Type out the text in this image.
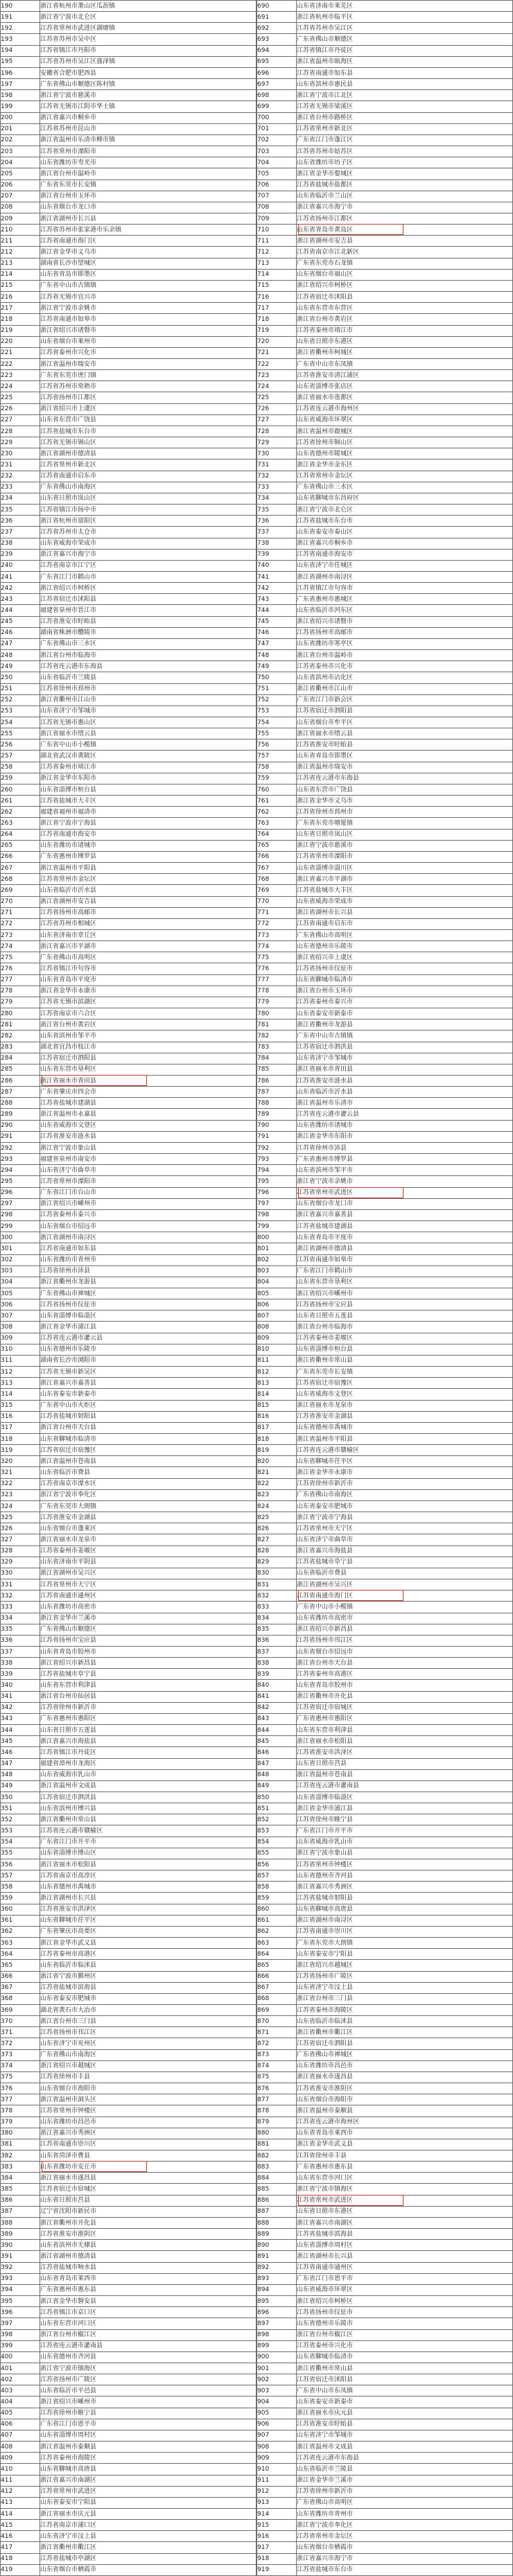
190	浙江省杭州市萧山区瓜沥镇
191	浙江省宁波市北仑区
192	江苏省常州市武进区湖塘镇
193	江苏省苏州市吴中区
194	江苏省镇江市丹阳市
195	江苏省苏州市吴江区盛泽镇
196	安徽省合肥市肥西县
197	广东省佛山市顺德区陈村镇
198	浙江省宁波市慈溪市
199	江苏省无锡市江阴市华士镇
200	浙江省嘉兴市桐乡市
201	江苏省苏州市昆山市
202	浙江省温州市乐清市柳市镇
203	江苏省常州市溧阳市
204	山东省潍坊市寿光市
205	浙江省台州市温岭市
206	广东省东莞市长安镇
207	浙江省台州市玉环市
208	山东省烟台市龙口市
209	浙江省湖州市长兴县
210	江苏省苏州市张家港市乐余镇
211	江苏省南通市海门区
212	浙江省金华市义乌市
213	湖南省长沙市望城区
214	山东省青岛市即墨区
215	广东省中山市古镇镇
216	江苏省无锡市宜兴市
217	浙江省宁波市余姚市
218	江苏省南通市如皋市
219	浙江省绍兴市诸暨市
220	山东省烟台市莱州市
221	江苏省泰州市兴化市
222	浙江省温州市瑞安市
223	广东省东莞市虎门镇
224	江苏省苏州市常熟市
225	江苏省扬州市江都区
226	浙江省绍兴市上虞区
227	山东省东营市广饶县
228	江苏省盐城市东台市
229	江苏省无锡市锡山区
230	浙江省湖州市德清县
231	江苏省常州市新北区
232	江苏省南通市启东市
233	广东省佛山市南海区
234	山东省日照市岚山区
235	江苏省镇江市扬中市
236	浙江省杭州市富阳区
237	江苏省苏州市太仓市
238	山东省威海市荣成市
239	浙江省嘉兴市海宁市
240	江苏省南京市江宁区
241	广东省江门市鹤山市
242	浙江省绍兴市柯桥区
243	江苏省宿迁市沭阳县
244	福建省泉州市晋江市
245	江苏省淮安市盱眙县
246	湖南省株洲市醴陵市
247	广东省佛山市三水区
248	浙江省台州市临海市
249	江苏省连云港市东海县
250	山东省临沂市兰陵县
251	江苏省徐州市邳州市
252	浙江省衢州市江山市
253	山东省济宁市邹城市
254	江苏省无锡市惠山区
255	浙江省丽水市缙云县
256	广东省中山市小榄镇
257	湖北省武汉市黄陂区
258	江苏省泰州市靖江市
259	浙江省金华市东阳市
260	山东省淄博市桓台县
261	江苏省盐城市大丰区
262	福建省福州市福清市
263	浙江省宁波市宁海县
264	江苏省南通市海安市
265	山东省潍坊市诸城市
266	广东省惠州市博罗县
267	浙江省温州市平阳县
268	江苏省常州市金坛区
269	山东省临沂市沂水县
270	浙江省湖州市安吉县
271	江苏省扬州市高邮市
272	江苏省苏州市相城区
273	山东省济南市章丘区
274	浙江省嘉兴市平湖市
275	广东省佛山市高明区
276	江苏省镇江市句容市
277	山东省青岛市平度市
278	浙江省金华市永康市
279	江苏省无锡市滨湖区
280	江苏省南京市六合区
281	浙江省台州市黄岩区
282	山东省滨州市邹平市
283	湖北省宜昌市枝江市
284	江苏省宿迁市泗阳县
285	山东省东营市垦利区
286	浙江省丽水市青田县
287	广东省肇庆市四会市
288	江苏省盐城市建湖县
289	浙江省温州市永嘉县
290	山东省威海市文登区
291	江苏省淮安市涟水县
292	浙江省宁波市象山县
293	福建省泉州市南安市
294	山东省济宁市曲阜市
295	江苏省常州市溧阳市
296	广东省江门市台山市
297	浙江省绍兴市嵊州市
298	江苏省泰州市泰兴市
299	山东省烟台市招远市
300	浙江省湖州市南浔区
301	江苏省南通市如东县
302	山东省潍坊市青州市
303	江苏省徐州市沛县
304	浙江省衢州市龙游县
305	广东省佛山市禅城区
306	江苏省扬州市仪征市
307	山东省淄博市临淄区
308	浙江省金华市浦江县
309	江苏省连云港市灌云县
310	山东省德州市乐陵市
311	湖南省长沙市浏阳市
312	江苏省无锡市新吴区
313	浙江省嘉兴市嘉善县
314	山东省泰安市新泰市
315	广东省中山市火炬区
316	江苏省盐城市射阳县
317	浙江省台州市天台县
318	山东省聊城市临清市
319	江苏省宿迁市宿豫区
320	浙江省温州市苍南县
321	山东省临沂市费县
322	江苏省南京市溧水区
323	浙江省宁波市奉化区
324	广东省东莞市大朗镇
325	江苏省淮安市金湖县
326	山东省烟台市蓬莱区
327	浙江省丽水市龙泉市
328	江苏省泰州市姜堰区
329	山东省济南市平阴县
330	浙江省湖州市吴兴区
331	江苏省常州市天宁区
332	江苏省南通市通州区
333	山东省潍坊市高密市
334	浙江省金华市兰溪市
335	广东省佛山市顺德区
336	江苏省扬州市宝应县
337	山东省青岛市胶州市
338	浙江省绍兴市新昌县
339	江苏省盐城市阜宁县
340	山东省东营市利津县
341	浙江省台州市仙居县
342	江苏省徐州市新沂市
343	广东省惠州市惠阳区
344	山东省日照市五莲县
345	浙江省嘉兴市海盐县
346	江苏省镇江市丹徒区
347	福建省漳州市龙海区
348	山东省威海市乳山市
349	浙江省温州市文成县
350	江苏省宿迁市泗洪县
351	山东省滨州市博兴县
352	浙江省衢州市常山县
353	江苏省连云港市赣榆区
354	广东省江门市开平市
355	山东省淄博市博山区
356	浙江省丽水市松阳县
357	江苏省南京市高淳区
358	山东省德州市禹城市
359	浙江省湖州市长兴县
360	江苏省淮安市洪泽区
361	山东省聊城市茌平区
362	广东省肇庆市高要区
363	浙江省金华市武义县
364	江苏省泰州市高港区
365	山东省临沂市临沭县
366	浙江省宁波市鄞州区
367	江苏省盐城市滨海县
368	山东省泰安市肥城市
369	湖北省黄石市大冶市
370	浙江省台州市三门县
371	江苏省扬州市邗江区
372	山东省济宁市兖州区
373	广东省佛山市南海区
374	浙江省绍兴市越城区
375	江苏省徐州市丰县
376	山东省烟台市海阳市
377	浙江省温州市洞头区
378	江苏省常州市钟楼区
379	山东省潍坊市昌邑市
380	浙江省嘉兴市秀洲区
381	江苏省南通市崇川区
382	山东省菏泽市曹县
383	山东省潍坊市安丘市
384	浙江省丽水市遂昌县
385	江苏省宿迁市宿城区
386	山东省日照市莒县
387	辽宁省沈阳市新民市
388	浙江省衢州市开化县
389	江苏省淮安市淮阴区
390	山东省滨州市无棣县
391	浙江省湖州市德清县
392	江苏省盐城市响水县
393	山东省青岛市莱西市
394	广东省惠州市惠东县
395	浙江省金华市磐安县
396	江苏省镇江市京口区
397	山东省东营市河口区
398	浙江省台州市椒江区
399	江苏省连云港市灌南县
400	山东省德州市齐河县
401	浙江省宁波市镇海区
402	江苏省扬州市广陵区
403	山东省临沂市平邑县
404	浙江省绍兴市嵊州市
405	江苏省徐州市睢宁县
406	广东省江门市恩平市
407	山东省淄博市周村区
408	浙江省温州市泰顺县
409	江苏省泰州市海陵区
410	山东省聊城市高唐县
411	浙江省嘉兴市南湖区
412	江苏省常州市武进区
413	山东省泰安市宁阳县
414	浙江省丽水市庆元县
415	江苏省南京市浦口区
416	山东省济宁市汶上县
417	浙江省衢州市衢江区
418	江苏省盐城市亭湖区
419	山东省烟台市栖霞市
690	山东省济南市莱芜区
691	浙江省杭州市临平区
692	江苏省苏州市吴江区
693	广东省佛山市顺德区
694	江苏省镇江市丹徒区
695	浙江省温州市瓯海区
696	江苏省南通市如东县
697	山东省滨州市惠民县
698	浙江省宁波市江北区
699	江苏省无锡市梁溪区
700	浙江省台州市路桥区
701	江苏省常州市新北区
702	广东省江门市蓬江区
703	江苏省苏州市姑苏区
704	山东省潍坊市坊子区
705	浙江省金华市婺城区
706	江苏省盐城市盐都区
707	山东省临沂市兰山区
708	浙江省嘉兴市海宁市
709	江苏省扬州市江都区
710	山东省青岛市黄岛区
711	浙江省湖州市安吉县
712	江苏省南京市江北新区
713	广东省东莞市石龙镇
714	山东省烟台市福山区
715	浙江省绍兴市柯桥区
716	江苏省宿迁市沭阳县
717	山东省东营市东营区
718	浙江省台州市黄岩区
719	江苏省泰州市靖江市
720	山东省日照市东港区
721	浙江省衢州市柯城区
722	广东省中山市东凤镇
723	江苏省淮安市清江浦区
724	山东省淄博市张店区
725	浙江省丽水市莲都区
726	江苏省连云港市海州区
727	山东省威海市环翠区
728	浙江省温州市鹿城区
729	江苏省徐州市铜山区
730	山东省德州市陵城区
731	浙江省金华市金东区
732	江苏省常州市金坛区
733	广东省佛山市三水区
734	山东省聊城市东昌府区
735	浙江省宁波市北仑区
736	江苏省盐城市东台市
737	山东省泰安市泰山区
738	浙江省嘉兴市桐乡市
739	江苏省南通市海安市
740	山东省济宁市任城区
741	浙江省湖州市南浔区
742	江苏省镇江市句容市
743	广东省惠州市惠城区
744	山东省临沂市河东区
745	浙江省绍兴市诸暨市
746	江苏省扬州市高邮市
747	山东省潍坊市寒亭区
748	浙江省台州市温岭市
749	江苏省泰州市兴化市
750	山东省滨州市沾化区
751	浙江省衢州市江山市
752	广东省江门市新会区
753	江苏省宿迁市泗阳县
754	山东省烟台市牟平区
755	浙江省丽水市缙云县
756	江苏省淮安市盱眙县
757	山东省青岛市即墨区
758	浙江省温州市瑞安市
759	江苏省连云港市东海县
760	山东省东营市广饶县
761	浙江省金华市义乌市
762	江苏省徐州市邳州市
763	广东省东莞市塘厦镇
764	山东省日照市岚山区
765	浙江省宁波市慈溪市
766	江苏省常州市溧阳市
767	山东省淄博市淄川区
768	浙江省嘉兴市平湖市
769	江苏省盐城市大丰区
770	山东省威海市荣成市
771	浙江省湖州市长兴县
772	江苏省南通市启东市
773	广东省佛山市高明区
774	山东省德州市乐陵市
775	浙江省绍兴市上虞区
776	江苏省扬州市仪征市
777	山东省聊城市临清市
778	浙江省台州市玉环市
779	江苏省泰州市泰兴市
780	山东省泰安市新泰市
781	浙江省衢州市龙游县
782	广东省中山市古镇镇
783	江苏省宿迁市泗洪县
784	山东省济宁市邹城市
785	浙江省丽水市青田县
786	江苏省淮安市涟水县
787	山东省临沂市沂水县
788	浙江省温州市乐清市
789	江苏省连云港市灌云县
790	山东省潍坊市诸城市
791	浙江省金华市东阳市
792	江苏省徐州市沛县
793	广东省惠州市博罗县
794	山东省滨州市邹平市
795	浙江省宁波市余姚市
796	江苏省常州市武进区
797	山东省烟台市龙口市
798	浙江省嘉兴市嘉善县
799	江苏省盐城市建湖县
800	山东省青岛市平度市
801	浙江省湖州市德清县
802	江苏省南通市如皋市
803	广东省江门市鹤山市
804	山东省东营市垦利区
805	浙江省绍兴市嵊州市
806	江苏省扬州市宝应县
807	山东省日照市五莲县
808	浙江省台州市临海市
809	江苏省泰州市姜堰区
810	山东省淄博市桓台县
811	浙江省衢州市常山县
812	广东省东莞市长安镇
813	江苏省宿迁市宿豫区
814	山东省威海市文登区
815	浙江省丽水市龙泉市
816	江苏省淮安市金湖县
817	山东省德州市禹城市
818	浙江省温州市平阳县
819	江苏省连云港市赣榆区
820	山东省聊城市茌平区
821	浙江省金华市永康市
822	江苏省徐州市新沂市
823	广东省佛山市南海区
824	山东省泰安市肥城市
825	浙江省宁波市宁海县
826	江苏省常州市天宁区
827	山东省济宁市曲阜市
828	浙江省嘉兴市海盐县
829	江苏省盐城市阜宁县
830	山东省临沂市费县
831	浙江省湖州市吴兴区
832	江苏省南通市海门区
833	广东省中山市小榄镇
834	山东省潍坊市高密市
835	浙江省绍兴市新昌县
836	江苏省扬州市邗江区
837	山东省烟台市招远市
838	浙江省台州市天台县
839	江苏省泰州市高港区
840	山东省青岛市胶州市
841	浙江省衢州市开化县
842	江苏省宿迁市宿城区
843	广东省惠州市惠阳区
844	山东省东营市利津县
845	浙江省丽水市松阳县
846	江苏省淮安市洪泽区
847	山东省日照市莒县
848	浙江省温州市苍南县
849	江苏省连云港市灌南县
850	山东省淄博市临淄区
851	浙江省金华市浦江县
852	江苏省徐州市睢宁县
853	广东省江门市开平市
854	山东省威海市乳山市
855	浙江省宁波市象山县
856	江苏省常州市钟楼区
857	山东省德州市齐河县
858	浙江省嘉兴市秀洲区
859	江苏省盐城市射阳县
860	山东省聊城市高唐县
861	浙江省湖州市南浔区
862	江苏省南通市崇川区
863	广东省东莞市大朗镇
864	山东省泰安市宁阳县
865	浙江省绍兴市越城区
866	江苏省扬州市广陵区
867	山东省济宁市汶上县
868	浙江省台州市三门县
869	江苏省泰州市海陵区
870	山东省临沂市临沭县
871	浙江省衢州市衢江区
872	江苏省宿迁市泗阳县
873	广东省佛山市禅城区
874	山东省潍坊市昌邑市
875	浙江省丽水市遂昌县
876	江苏省淮安市淮阴区
877	山东省烟台市海阳市
878	浙江省温州市泰顺县
879	江苏省连云港市海州区
880	山东省青岛市莱西市
881	浙江省金华市武义县
882	江苏省徐州市丰县
883	广东省惠州市惠东县
884	山东省东营市河口区
885	浙江省宁波市镇海区
886	江苏省常州市武进区
887	山东省日照市东港区
888	浙江省嘉兴市南湖区
889	江苏省盐城市滨海县
890	山东省淄博市周村区
891	浙江省湖州市长兴县
892	江苏省南通市通州区
893	广东省江门市恩平市
894	山东省威海市环翠区
895	浙江省绍兴市柯桥区
896	江苏省扬州市仪征市
897	山东省德州市乐陵市
898	浙江省台州市椒江区
899	江苏省泰州市兴化市
900	山东省聊城市临清市
901	浙江省衢州市常山县
902	江苏省宿迁市沭阳县
903	广东省中山市东凤镇
904	山东省泰安市新泰市
905	浙江省丽水市庆元县
906	江苏省淮安市盱眙县
907	山东省济宁市邹城市
908	浙江省温州市文成县
909	江苏省连云港市东海县
910	山东省临沂市兰陵县
911	浙江省金华市兰溪市
912	江苏省徐州市新沂市
913	广东省佛山市高明区
914	山东省潍坊市青州市
915	浙江省宁波市奉化区
916	江苏省常州市金坛区
917	山东省烟台市栖霞市
918	浙江省嘉兴市海宁市
919	江苏省盐城市东台市
